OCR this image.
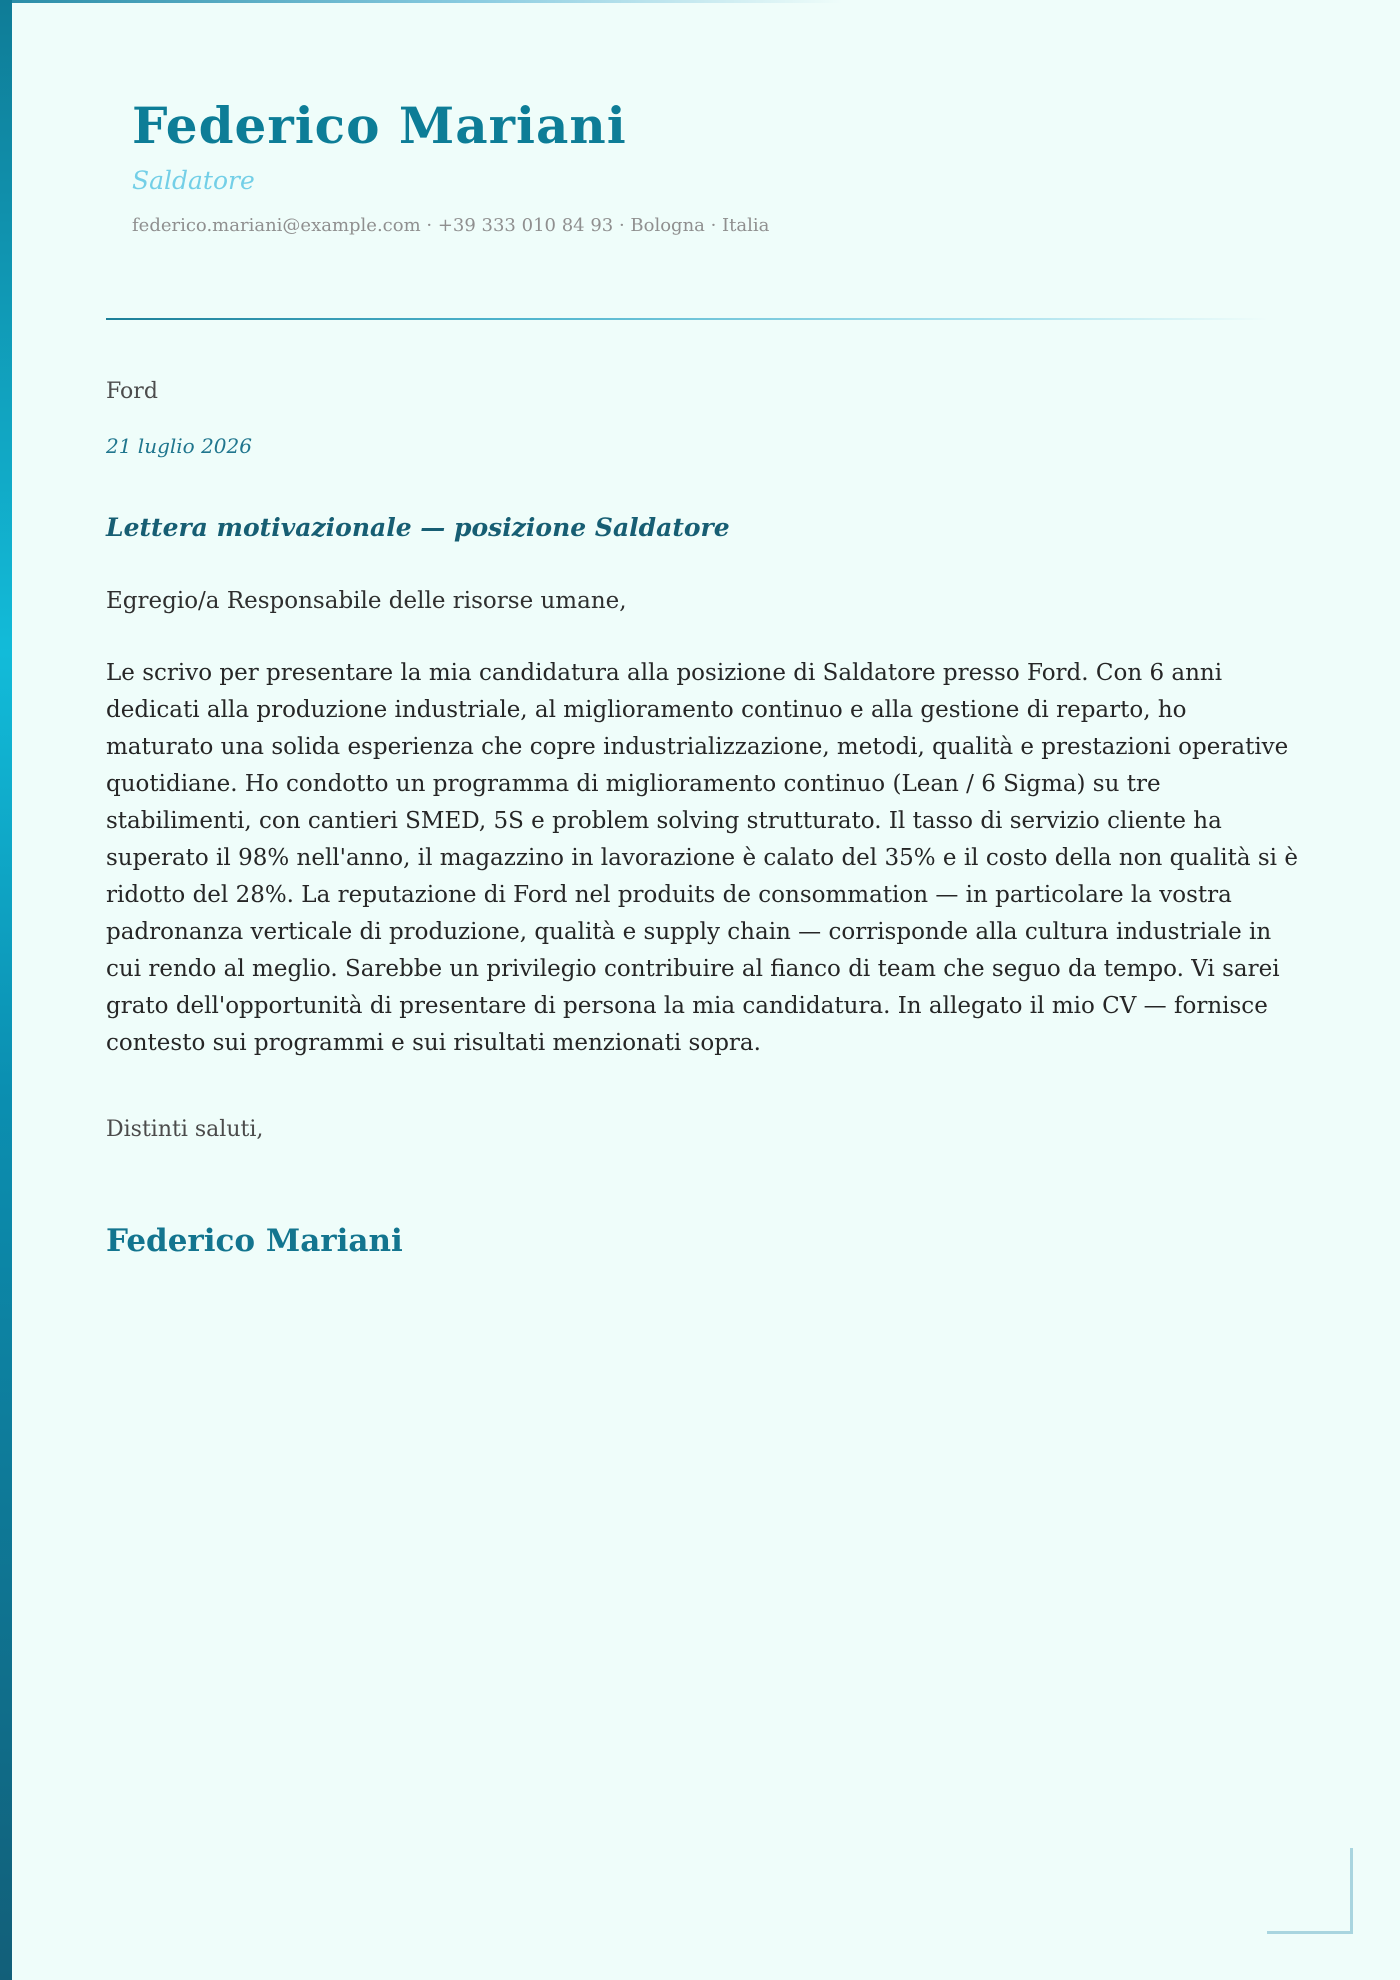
Federico Mariani
Saldatore
federico.mariani@example.com · +39 333 010 84 93 · Bologna · Italia
Ford
21 luglio 2026
Lettera motivazionale — posizione Saldatore
Egregio/a Responsabile delle risorse umane,

Le scrivo per presentare la mia candidatura alla posizione di Saldatore presso Ford. Con 6 anni dedicati alla produzione industriale, al miglioramento continuo e alla gestione di reparto, ho maturato una solida esperienza che copre industrializzazione, metodi, qualità e prestazioni operative quotidiane. Ho condotto un programma di miglioramento continuo (Lean / 6 Sigma) su tre stabilimenti, con cantieri SMED, 5S e problem solving strutturato. Il tasso di servizio cliente ha superato il 98% nell'anno, il magazzino in lavorazione è calato del 35% e il costo della non qualità si è ridotto del 28%. La reputazione di Ford nel produits de consommation — in particolare la vostra padronanza verticale di produzione, qualità e supply chain — corrisponde alla cultura industriale in cui rendo al meglio. Sarebbe un privilegio contribuire al fianco di team che seguo da tempo. Vi sarei grato dell'opportunità di presentare di persona la mia candidatura. In allegato il mio CV — fornisce contesto sui programmi e sui risultati menzionati sopra.

Distinti saluti,
Federico Mariani
